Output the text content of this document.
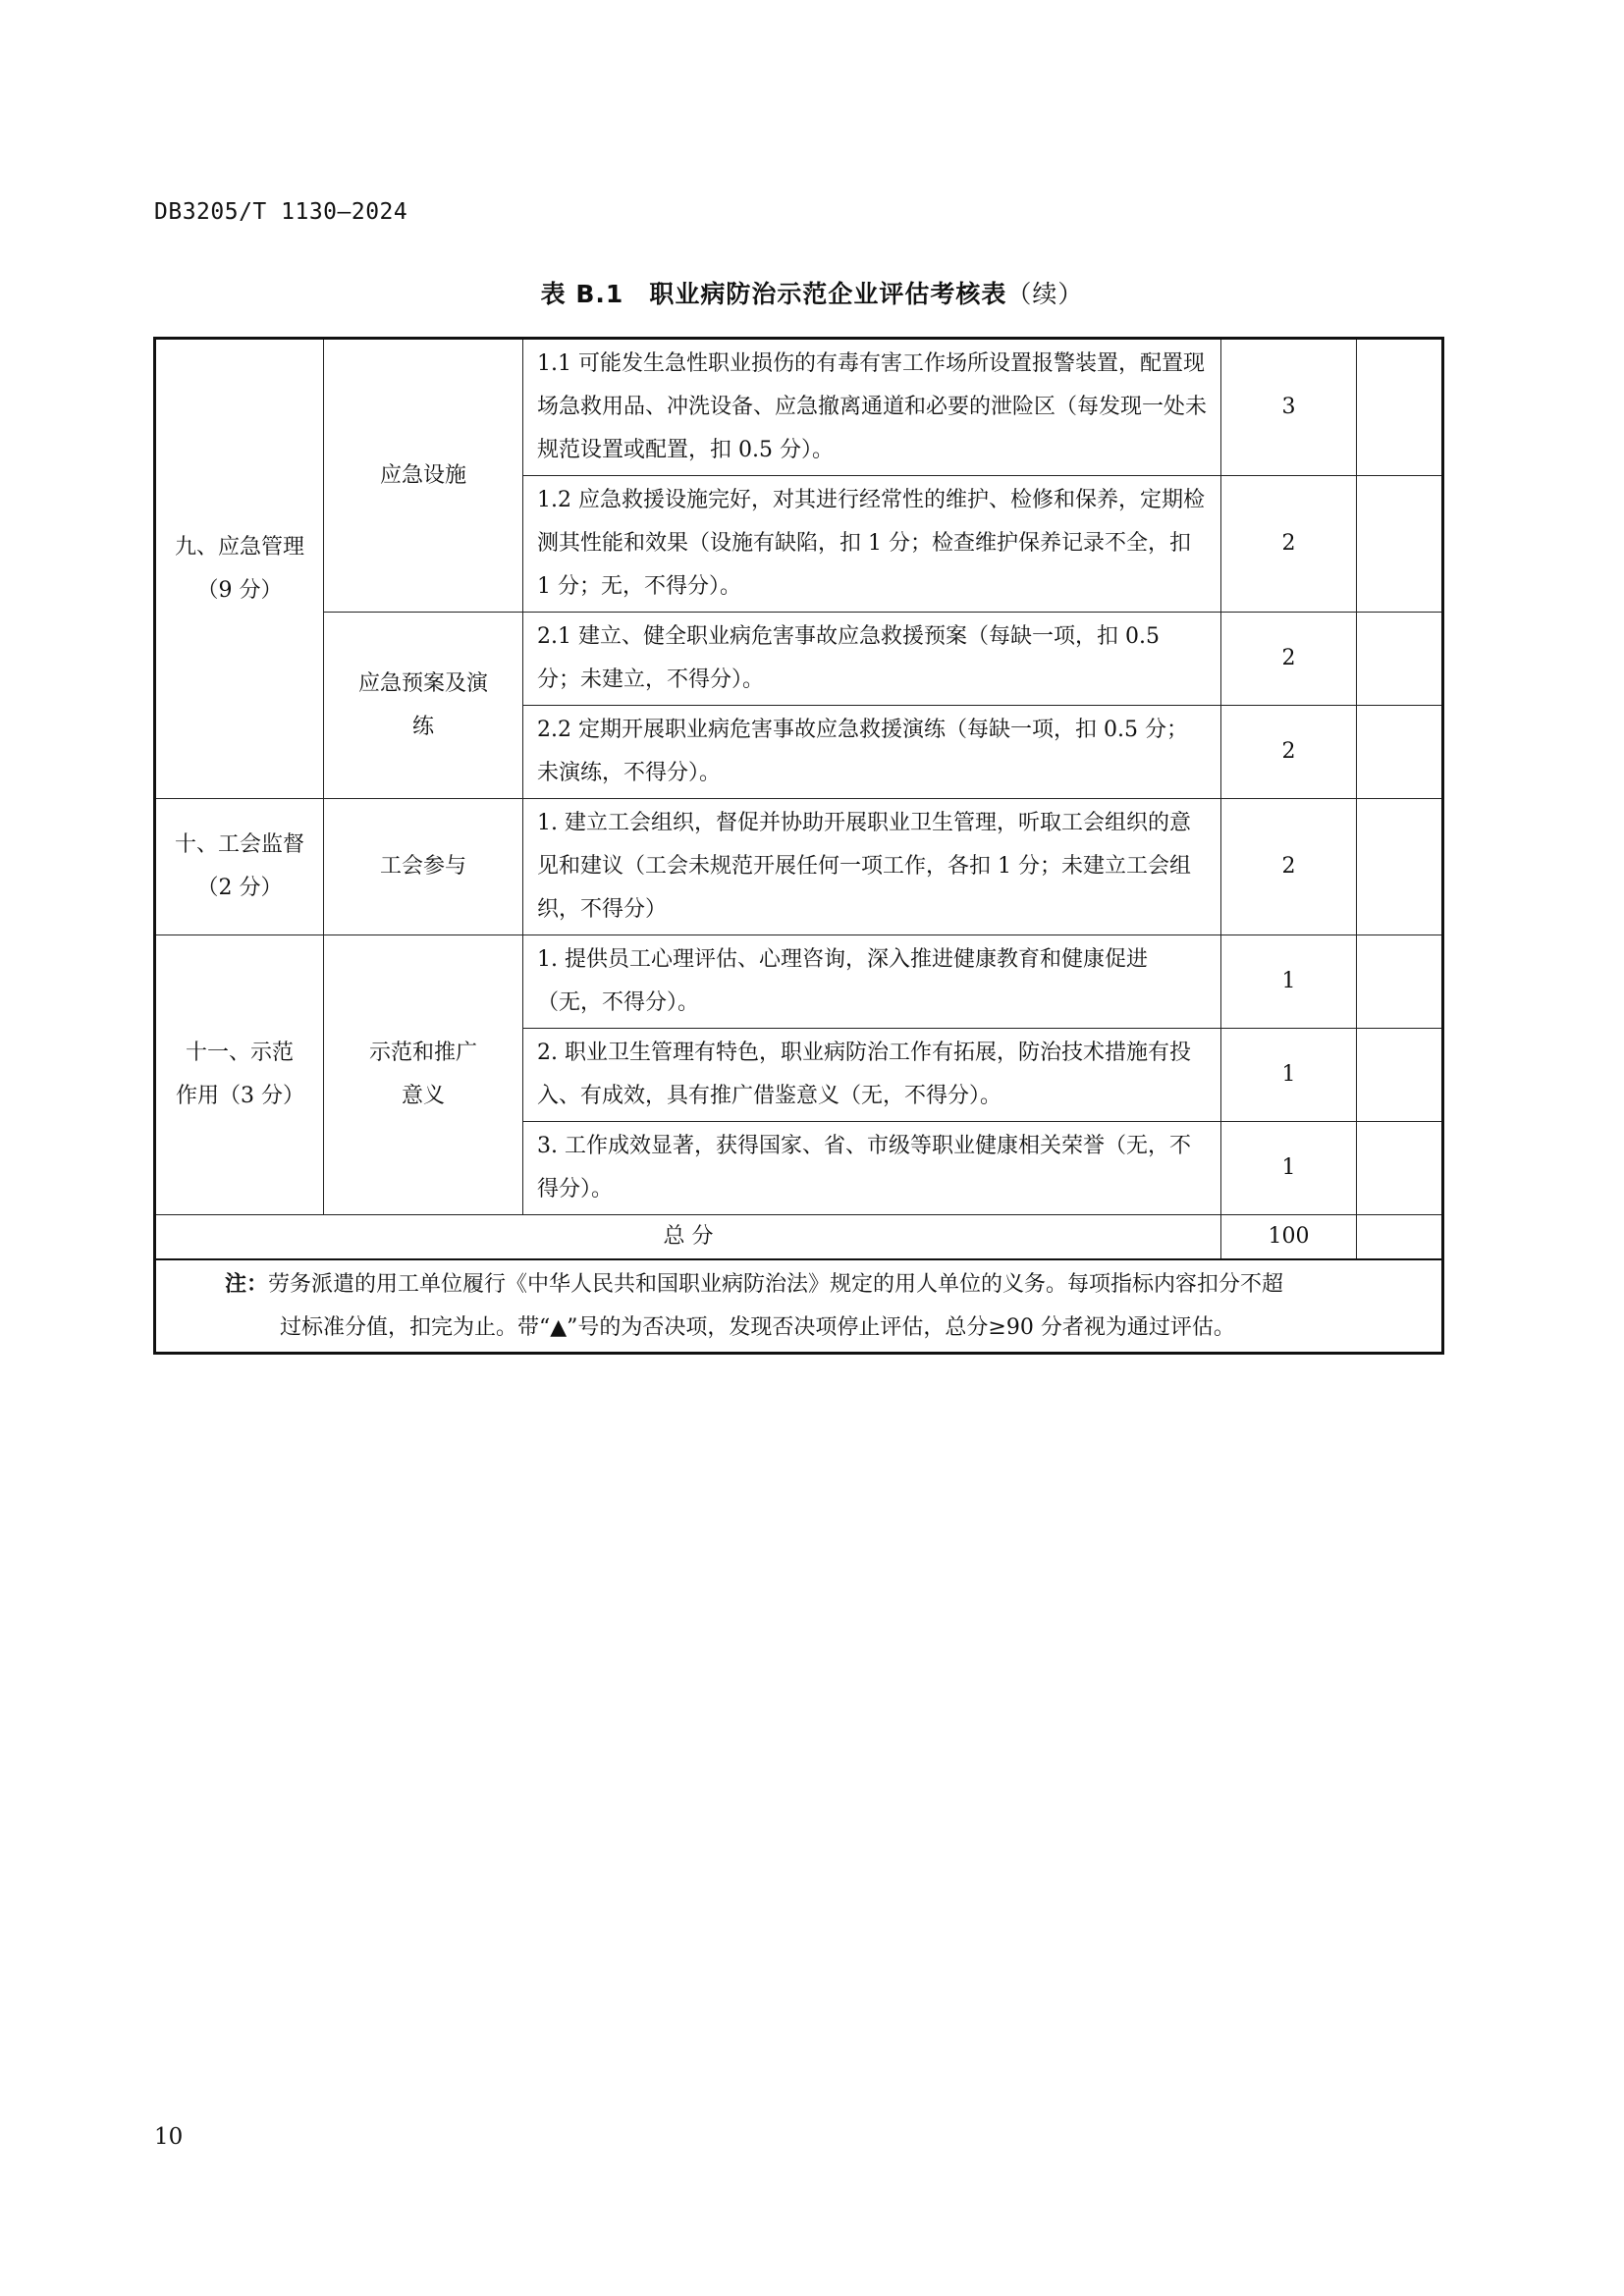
DB3205/T 1130—2024
表 B.1 职业病防治示范企业评估考核表（续）
九、应急管理
（9 分）	应急设施	1.1 可能发生急性职业损伤的有毒有害工作场所设置报警装置，配置现场急救用品、冲洗设备、应急撤离通道和必要的泄险区（每发现一处未规范设置或配置，扣 0.5 分）。	3	
		1.2 应急救援设施完好，对其进行经常性的维护、检修和保养，定期检测其性能和效果（设施有缺陷，扣 1 分；检查维护保养记录不全，扣 1 分；无，不得分）。	2	
	应急预案及演练	2.1 建立、健全职业病危害事故应急救援预案（每缺一项，扣 0.5 分；未建立，不得分）。	2	
		2.2 定期开展职业病危害事故应急救援演练（每缺一项，扣 0.5 分；未演练，不得分）。	2	

十、工会监督
（2 分）	工会参与	1. 建立工会组织，督促并协助开展职业卫生管理，听取工会组织的意见和建议（工会未规范开展任何一项工作，各扣 1 分；未建立工会组织，不得分）	2	
十一、示范作用（3 分）	示范和推广意义	1. 提供员工心理评估、心理咨询，深入推进健康教育和健康促进（无，不得分）。	1	
		2. 职业卫生管理有特色，职业病防治工作有拓展，防治技术措施有投入、有成效，具有推广借鉴意义（无，不得分）。	1	
		3. 工作成效显著，获得国家、省、市级等职业健康相关荣誉（无，不得分）。	1	
总 分			100	

注：劳务派遣的用工单位履行《中华人民共和国职业病防治法》规定的用人单位的义务。每项指标内容扣分不超
过标准分值，扣完为止。带“▲”号的为否决项，发现否决项停止评估，总分≥90 分者视为通过评估。				
10
